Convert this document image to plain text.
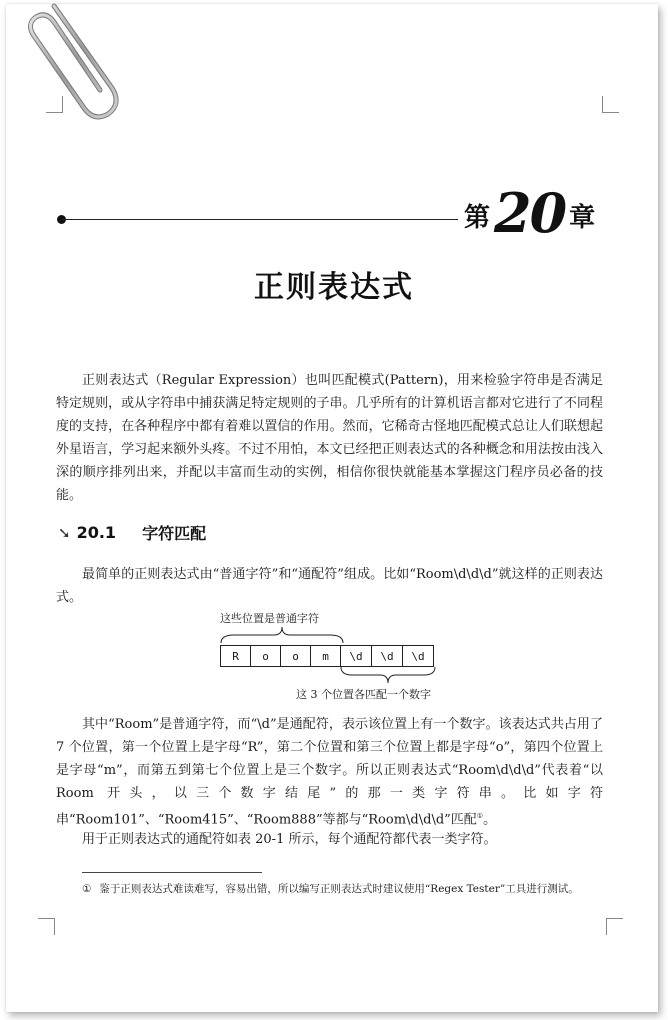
第 20 章
正则表达式

正则表达式（Regular Expression）也叫匹配模式(Pattern)，用来检验字符串是否满足特定规则，或从字符串中捕获满足特定规则的子串。几乎所有的计算机语言都对它进行了不同程度的支持，在各种程序中都有着难以置信的作用。然而，它稀奇古怪地匹配模式总让人们联想起外星语言，学习起来额外头疼。不过不用怕，本文已经把正则表达式的各种概念和用法按由浅入深的顺序排列出来，并配以丰富而生动的实例，相信你很快就能基本掌握这门程序员必备的技能。

➘ 20.1 字符匹配

最简单的正则表达式由“普通字符”和“通配符”组成。比如“Room\d\d\d”就这样的正则表达式。

这些位置是普通字符
R	o	o	m	\d	\d	\d
这 3 个位置各匹配一个数字

其中“Room”是普通字符，而“\d”是通配符，表示该位置上有一个数字。该表达式共占用了 7 个位置，第一个位置上是字母“R”，第二个位置和第三个位置上都是字母“o”，第四个位置上是字母“m”，而第五到第七个位置上是三个数字。所以正则表达式“Room\d\d\d”代表着“以 Room 开头，以三个数字结尾”的那一类字符串。比如字符串“Room101”、“Room415”、“Room888”等都与“Room\d\d\d”匹配①。

用于正则表达式的通配符如表 20-1 所示，每个通配符都代表一类字符。

① 鉴于正则表达式难读难写，容易出错，所以编写正则表达式时建议使用“Regex Tester”工具进行测试。
